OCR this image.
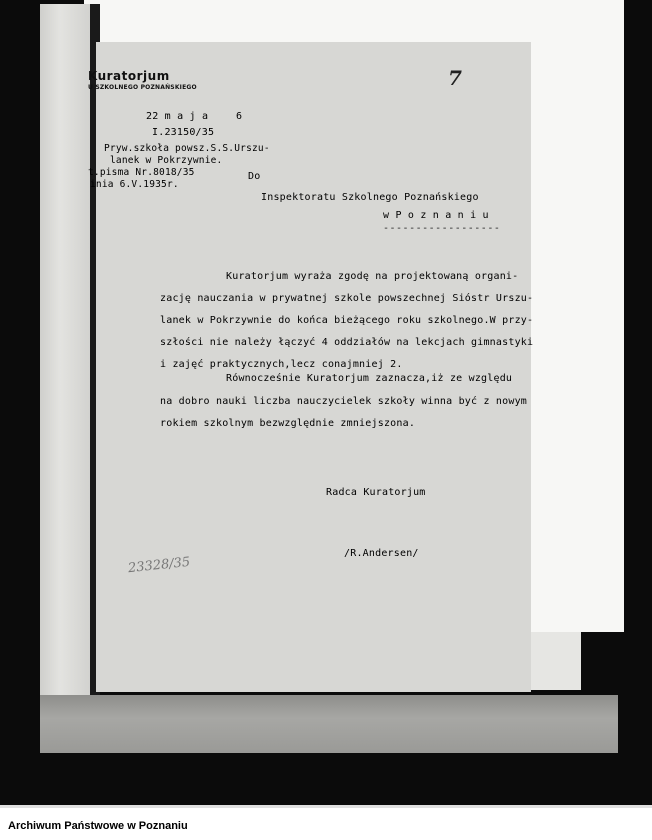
7
Kuratorjum
U SZKOLNEGO POZNAŃSKIEGO
22 m a j a	6
I.23150/35
Pryw.szkoła powsz.S.S.Urszu-
lanek w Pokrzywnie.
t.pisma Nr.8018/35
inia 6.V.1935r.
Do
Inspektoratu Szkolnego Poznańskiego
w P o z n a n i u
------------------
Kuratorjum wyraża zgodę na projektowaną organi-
zację nauczania w prywatnej szkole powszechnej Sióstr Urszu-
lanek w Pokrzywnie do końca bieżącego roku szkolnego.W przy-
szłości nie należy łączyć 4 oddziałów na lekcjach gimnastyki
i zajęć praktycznych,lecz conajmniej 2.
Równocześnie Kuratorjum zaznacza,iż ze względu
na dobro nauki liczba nauczycielek szkoły winna być z nowym
rokiem szkolnym bezwzględnie zmniejszona.
Radca Kuratorjum
/R.Andersen/
23328/35
Archiwum Państwowe w Poznaniu
